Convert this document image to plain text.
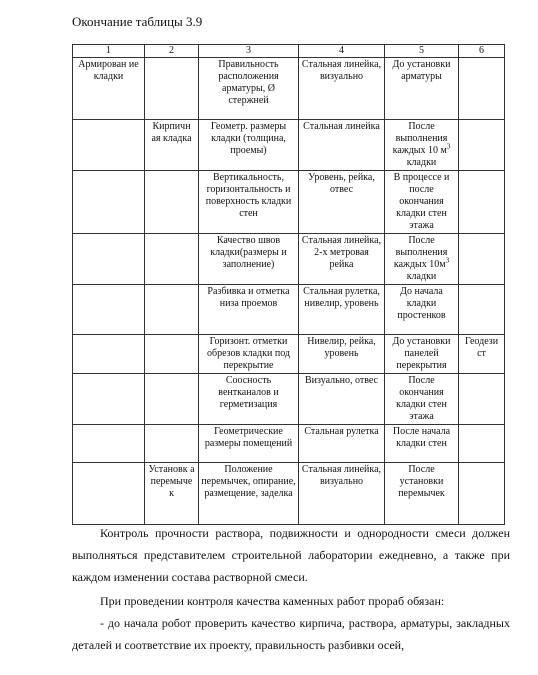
Окончание таблицы 3.9
1	2	3	4	5	6
Армирован ие кладки		Правильность расположения арматуры, Ø стержней	Стальная линейка, визуально	До установки арматуры	
	Кирпичн ая кладка	Геометр. размеры кладки (толщина, проемы)	Стальная линейка	После выполнения каждых 10 $м^3$ кладки	
		Вертикальность, горизонтальность и поверхность кладки стен	Уровень, рейка, отвес	В процессе и после окончания кладки стен этажа	
		Качество швов кладки(размеры и заполнение)	Стальная линейка, 2-х метровая рейка	После выполнения каждых $10м^3$ кладки	
		Разбивка и отметка низа проемов	Стальная рулетка, нивелир, уровень	До начала кладки простенков	
		Горизонт. отметки обрезов кладки под перекрытие	Нивелир, рейка, уровень	До установки панелей перекрытия	Геодези ст
		Соосность вентканалов и герметизация	Визуально, отвес	После окончания кладки стен этажа	
		Геометрические размеры помещений	Стальная рулетка	После начала кладки стен	
	Установк а перемыче к	Положение перемычек, опирание, размещение, заделка	Стальная линейка, визуально	После установки перемычек	
Контроль прочности раствора, подвижности и однородности смеси должен выполняться представителем строительной лаборатории ежедневно, а также при каждом изменении состава растворной смеси.
При проведении контроля качества каменных работ прораб обязан:
- до начала робот проверить качество кирпича, раствора, арматуры, закладных деталей и соответствие их проекту, правильность разбивки осей,
